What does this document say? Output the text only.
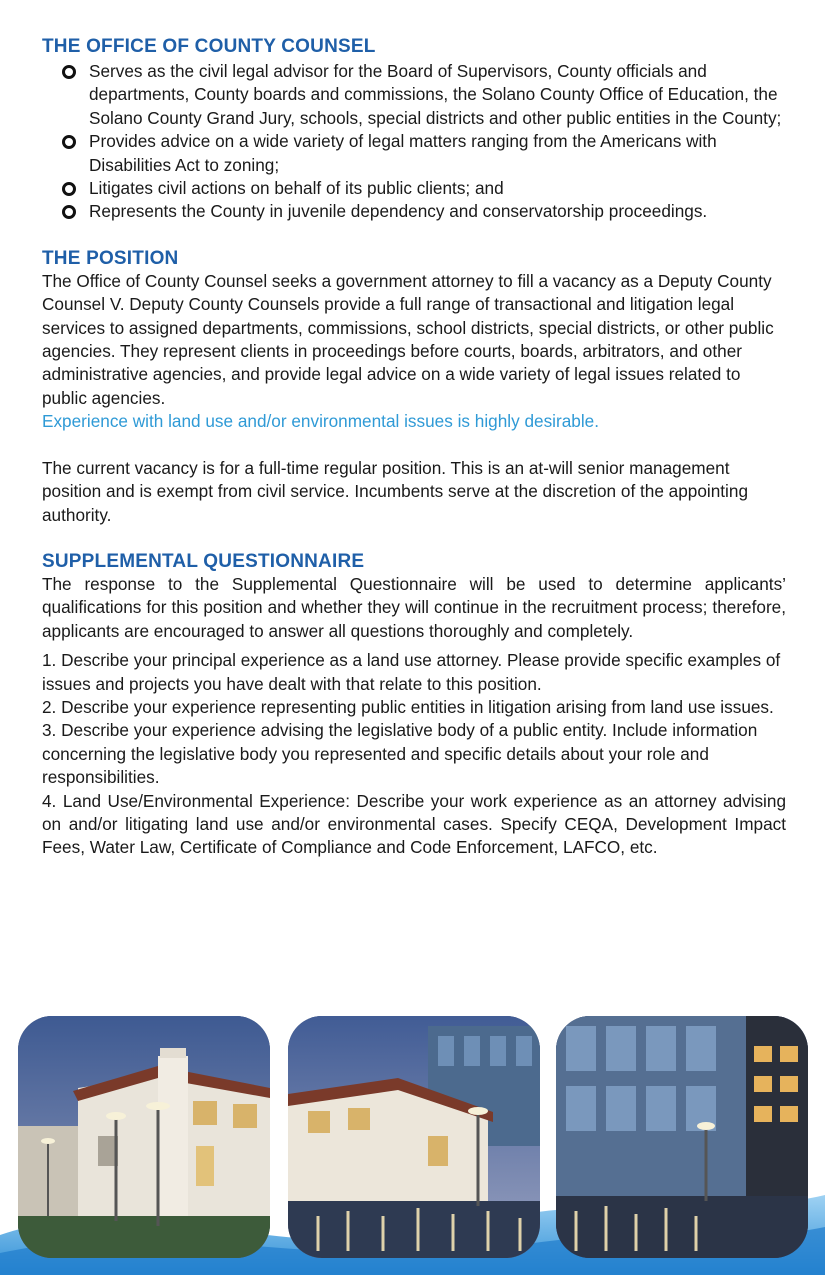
THE OFFICE OF COUNTY COUNSEL
Serves as the civil legal advisor for the Board of Supervisors, County officials and departments, County boards and commissions, the Solano County Office of Education, the Solano County Grand Jury, schools, special districts and other public entities in the County;
Provides advice on a wide variety of legal matters ranging from the Americans with Disabilities Act to zoning;
Litigates civil actions on behalf of its public clients; and
Represents the County in juvenile dependency and conservatorship proceedings.
THE POSITION

The Office of County Counsel seeks a government attorney to fill a vacancy as a Deputy County Counsel V. Deputy County Counsels provide a full range of transactional and litigation legal services to assigned departments, commissions, school districts, special districts, or other public agencies. They represent clients in proceedings before courts, boards, arbitrators, and other administrative agencies, and provide legal advice on a wide variety of legal issues related to public agencies.
Experience with land use and/or environmental issues is highly desirable.

The current vacancy is for a full-time regular position. This is an at-will senior management position and is exempt from civil service. Incumbents serve at the discretion of the appointing authority.

SUPPLEMENTAL QUESTIONNAIRE

The response to the Supplemental Questionnaire will be used to determine applicants’ qualifications for this position and whether they will continue in the recruitment process; therefore, applicants are encouraged to answer all questions thoroughly and completely.

1. Describe your principal experience as a land use attorney. Please provide specific examples of issues and projects you have dealt with that relate to this position.

2. Describe your experience representing public entities in litigation arising from land use issues.

3. Describe your experience advising the legislative body of a public entity. Include information concerning the legislative body you represented and specific details about your role and responsibilities.

4. Land Use/Environmental Experience: Describe your work experience as an attorney advising on and/or litigating land use and/or environmental cases. Specify CEQA, Development Impact Fees, Water Law, Certificate of Compliance and Code Enforcement, LAFCO, etc.
